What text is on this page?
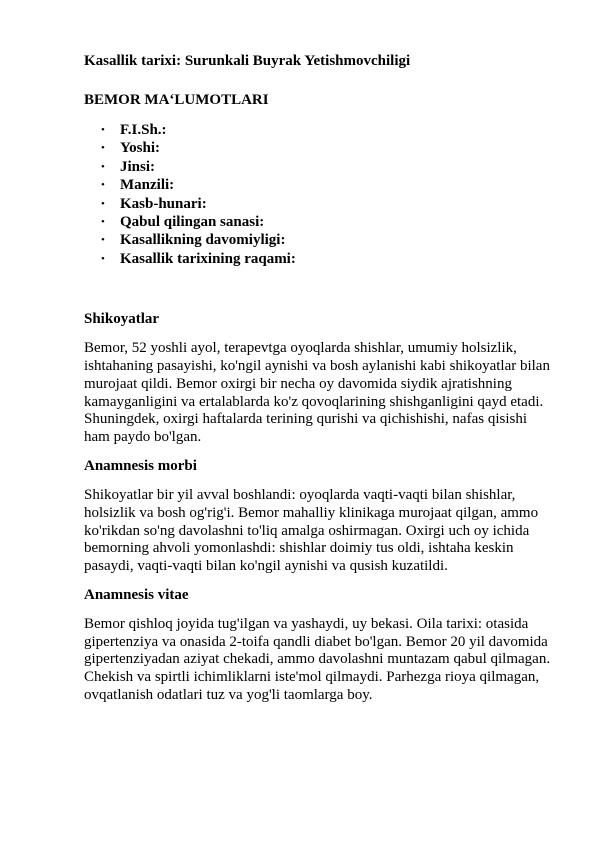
Kasallik tarixi: Surunkali Buyrak Yetishmovchiligi

BEMOR MA‘LUMOTLARI

• F.I.Sh.:
• Yoshi:
• Jinsi:
• Manzili:
• Kasb-hunari:
• Qabul qilingan sanasi:
• Kasallikning davomiyligi:
• Kasallik tarixining raqami:

Shikoyatlar

Bemor, 52 yoshli ayol, terapevtga oyoqlarda shishlar, umumiy holsizlik, ishtahaning pasayishi, ko'ngil aynishi va bosh aylanishi kabi shikoyatlar bilan murojaat qildi. Bemor oxirgi bir necha oy davomida siydik ajratishning kamayganligini va ertalablarda ko'z qovoqlarining shishganligini qayd etadi. Shuningdek, oxirgi haftalarda terining qurishi va qichishishi, nafas qisishi ham paydo bo'lgan.

Anamnesis morbi

Shikoyatlar bir yil avval boshlandi: oyoqlarda vaqti-vaqti bilan shishlar, holsizlik va bosh og'rig'i. Bemor mahalliy klinikaga murojaat qilgan, ammo ko'rikdan so'ng davolashni to'liq amalga oshirmagan. Oxirgi uch oy ichida bemorning ahvoli yomonlashdi: shishlar doimiy tus oldi, ishtaha keskin pasaydi, vaqti-vaqti bilan ko'ngil aynishi va qusish kuzatildi.

Anamnesis vitae

Bemor qishloq joyida tug'ilgan va yashaydi, uy bekasi. Oila tarixi: otasida gipertenziya va onasida 2-toifa qandli diabet bo'lgan. Bemor 20 yil davomida gipertenziyadan aziyat chekadi, ammo davolashni muntazam qabul qilmagan. Chekish va spirtli ichimliklarni iste'mol qilmaydi. Parhezga rioya qilmagan, ovqatlanish odatlari tuz va yog'li taomlarga boy.
